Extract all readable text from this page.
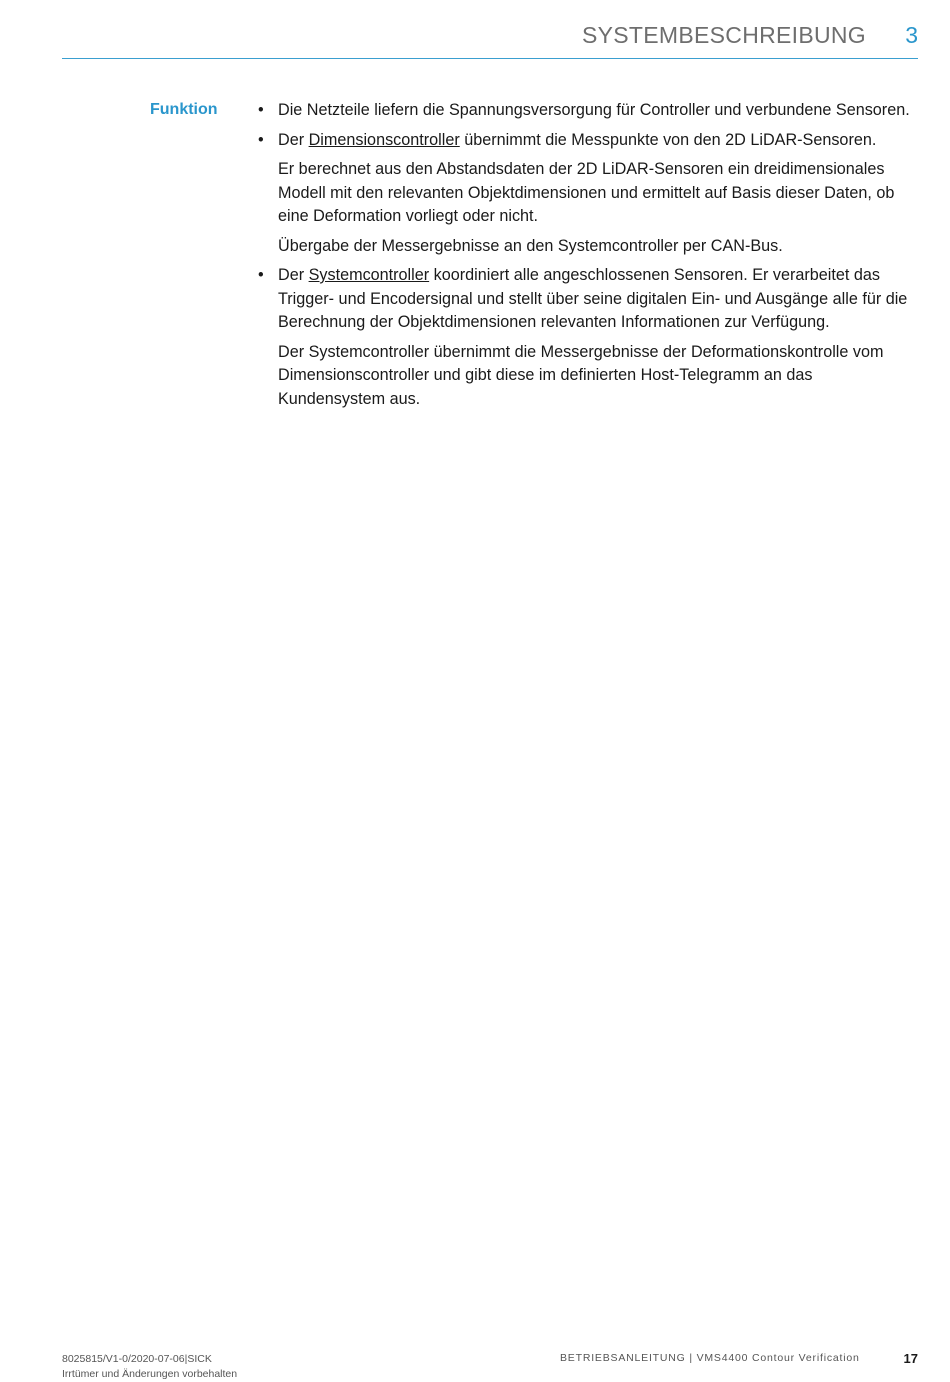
SYSTEMBESCHREIBUNG 3
Funktion • Die Netzteile liefern die Spannungsversorgung für Controller und verbundene Sensoren.

• Der Dimensionscontroller übernimmt die Messpunkte von den 2D LiDAR-Sensoren.

Er berechnet aus den Abstandsdaten der 2D LiDAR-Sensoren ein dreidimensionales Modell mit den relevanten Objektdimensionen und ermittelt auf Basis dieser Daten, ob eine Deformation vorliegt oder nicht.

Übergabe der Messergebnisse an den Systemcontroller per CAN-Bus.

• Der Systemcontroller koordiniert alle angeschlossenen Sensoren. Er verarbeitet das Trigger- und Encodersignal und stellt über seine digitalen Ein- und Ausgänge alle für die Berechnung der Objektdimensionen relevanten Informationen zur Verfügung.

Der Systemcontroller übernimmt die Messergebnisse der Deformationskontrolle vom Dimensionscontroller und gibt diese im definierten Host-Telegramm an das Kundensystem aus.

8025815/V1-0/2020-07-06|SICK
Irrtümer und Änderungen vorbehalten
BETRIEBSANLEITUNG | VMS4400 Contour Verification	17
